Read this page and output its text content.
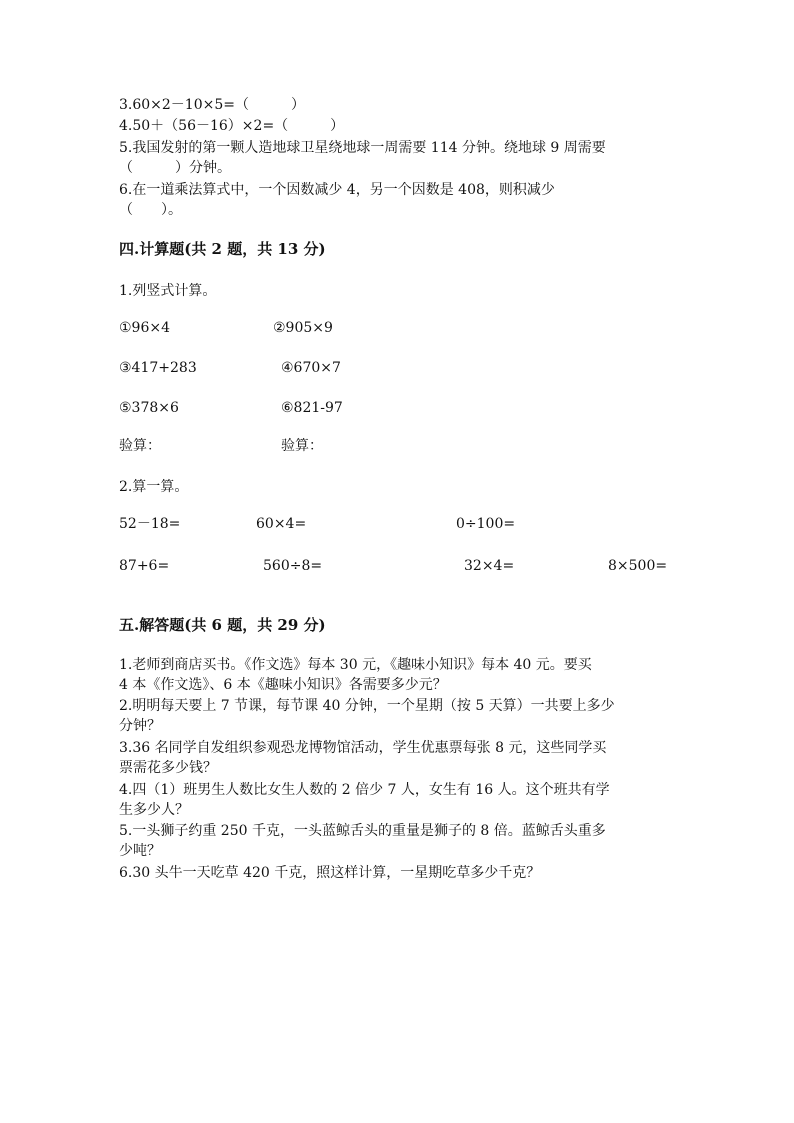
3.60×2－10×5=（　　　）
4.50＋（56－16）×2=（　　　）
5.我国发射的第一颗人造地球卫星绕地球一周需要 114 分钟。绕地球 9 周需要
（　　　）分钟。
6.在一道乘法算式中，一个因数减少 4，另一个因数是 408，则积减少
（　　）。
四.计算题(共 2 题，共 13 分)
1.列竖式计算。
①96×4	②905×9
③417+283	④670×7
⑤378×6	⑥821-97
验算：	验算：
2.算一算。
52－18=	60×4=	0÷100=
87+6=	560÷8=	32×4=	8×500=
五.解答题(共 6 题，共 29 分)
1.老师到商店买书。《作文选》每本 30 元，《趣味小知识》每本 40 元。要买
4 本《作文选》、6 本《趣味小知识》各需要多少元？
2.明明每天要上 7 节课，每节课 40 分钟，一个星期（按 5 天算）一共要上多少
分钟？
3.36 名同学自发组织参观恐龙博物馆活动，学生优惠票每张 8 元，这些同学买
票需花多少钱？
4.四（1）班男生人数比女生人数的 2 倍少 7 人，女生有 16 人。这个班共有学
生多少人？
5.一头狮子约重 250 千克，一头蓝鲸舌头的重量是狮子的 8 倍。蓝鲸舌头重多
少吨？
6.30 头牛一天吃草 420 千克，照这样计算，一星期吃草多少千克？
